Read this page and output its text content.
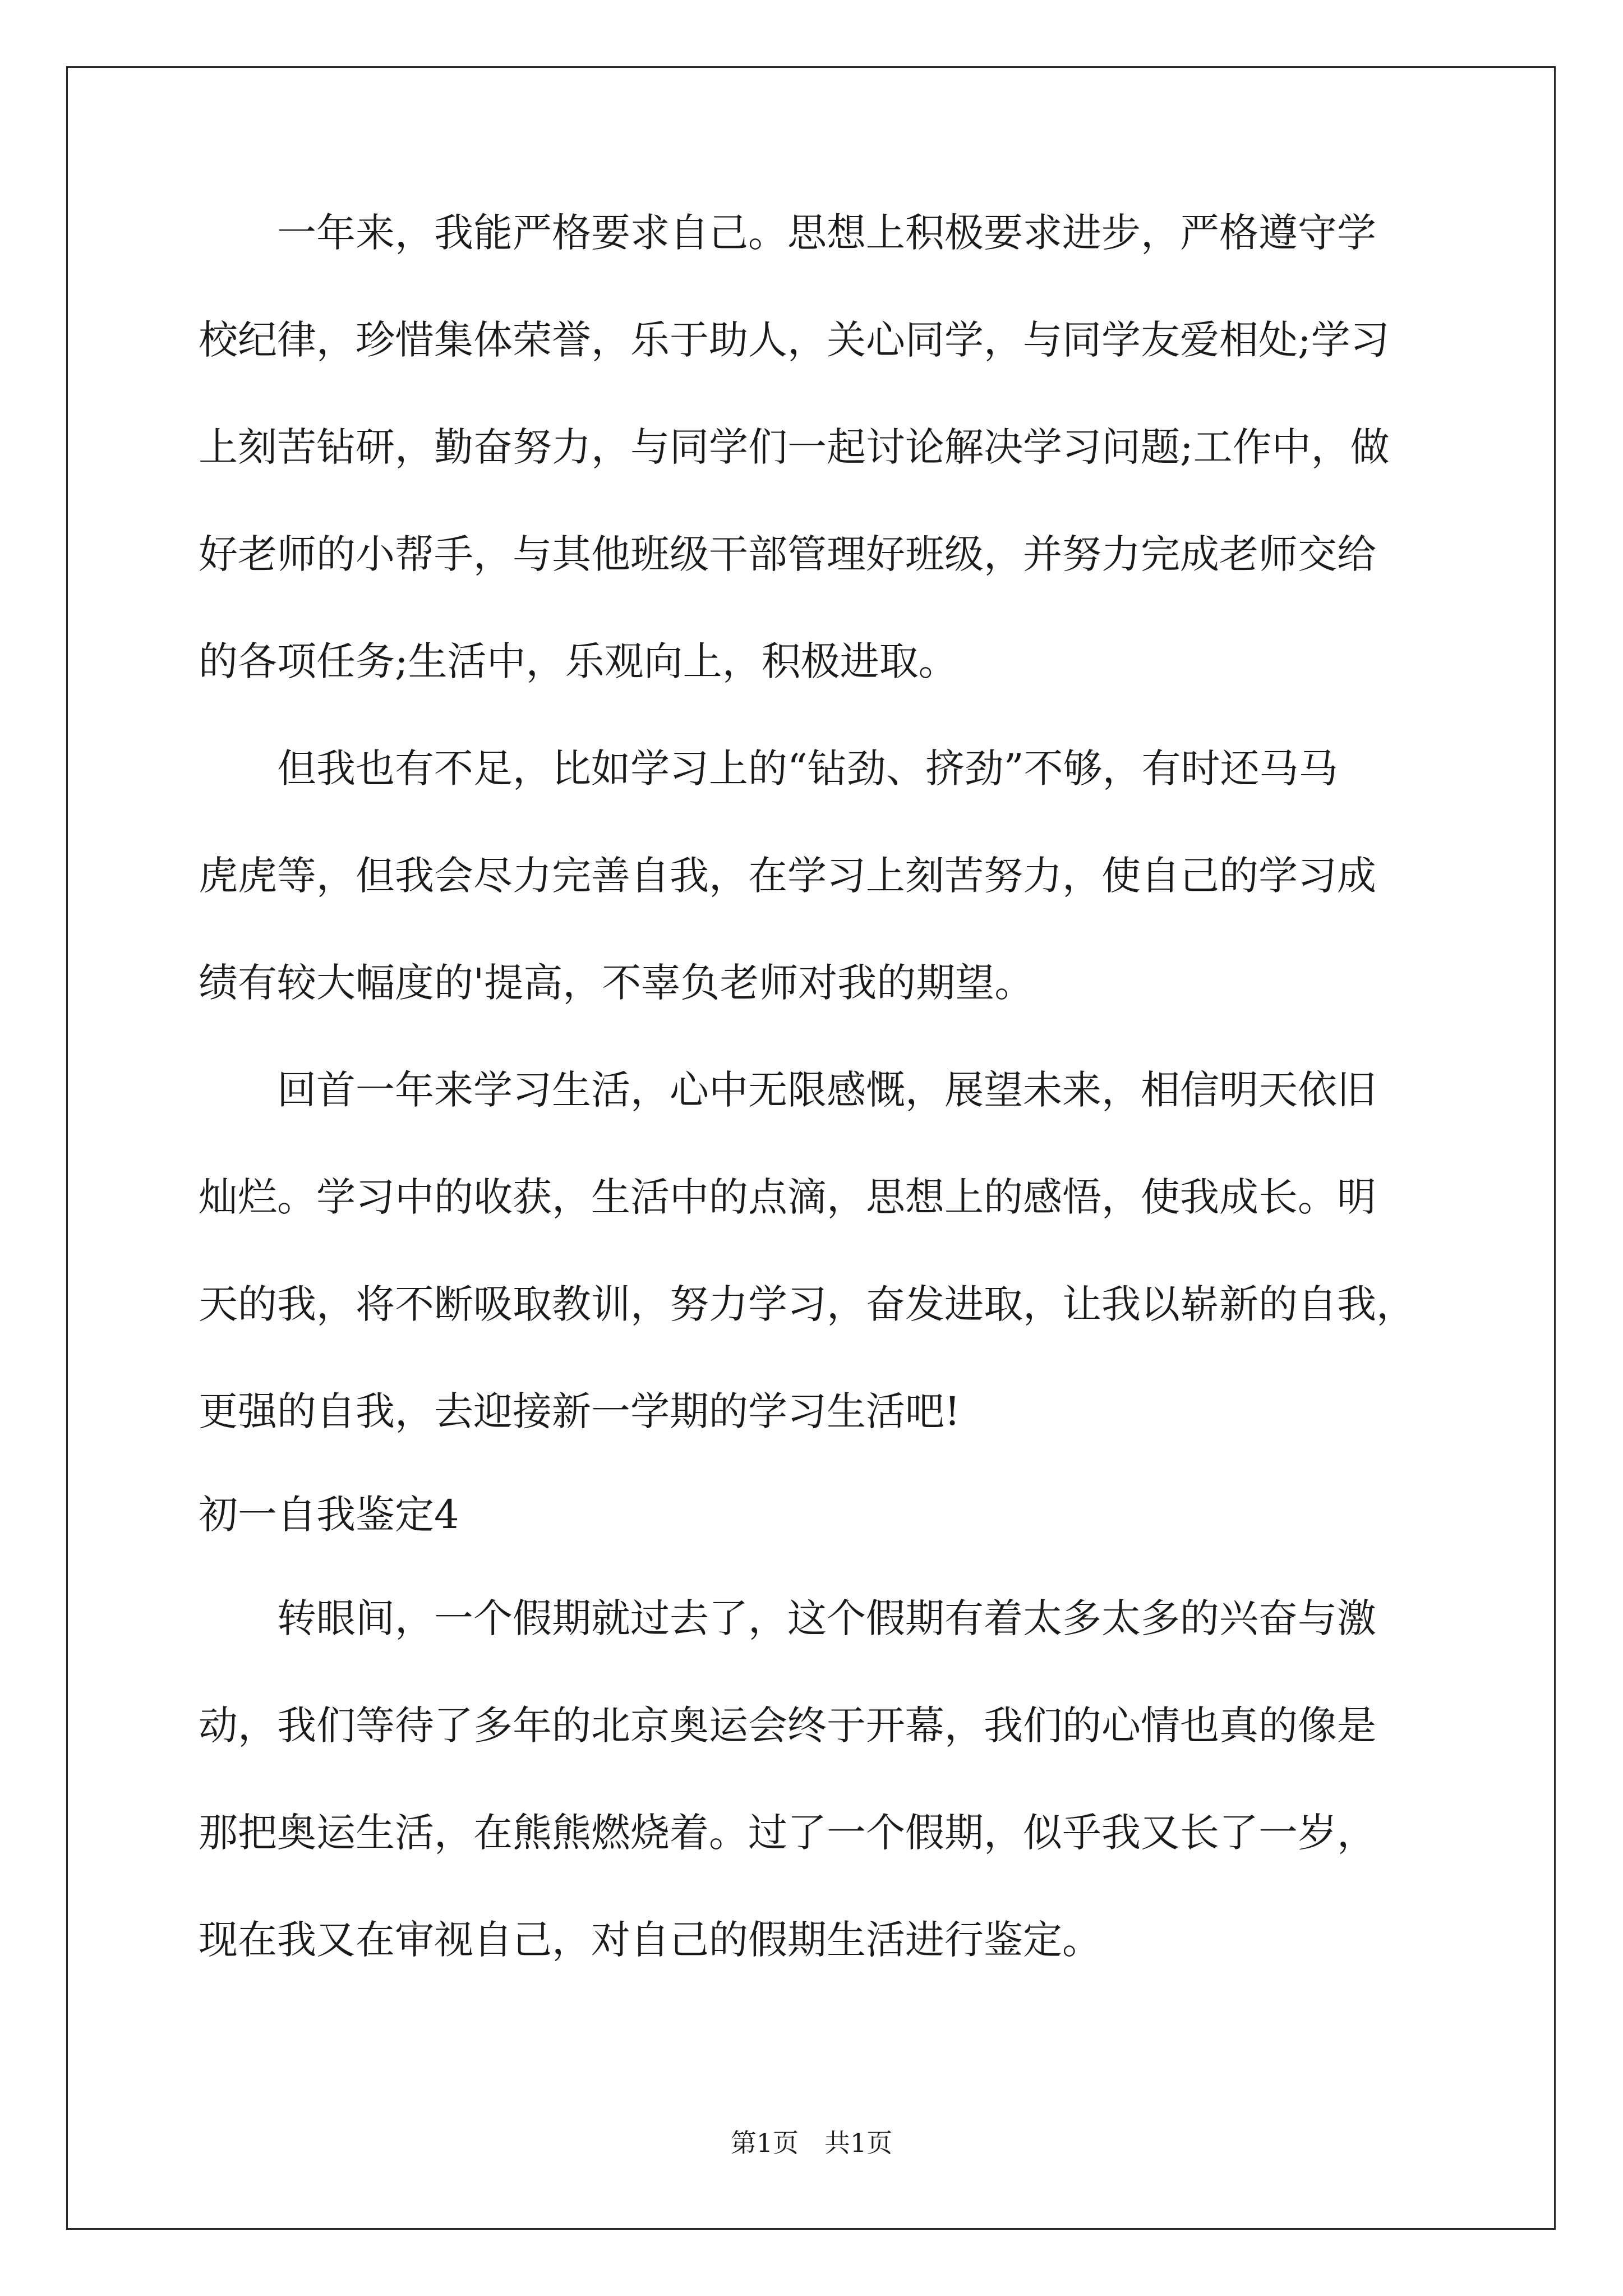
　　一年来，我能严格要求自己。思想上积极要求进步，严格遵守学
校纪律，珍惜集体荣誉，乐于助人，关心同学，与同学友爱相处;学习
上刻苦钻研，勤奋努力，与同学们一起讨论解决学习问题;工作中，做
好老师的小帮手，与其他班级干部管理好班级，并努力完成老师交给
的各项任务;生活中，乐观向上，积极进取。
　　但我也有不足，比如学习上的“钻劲、挤劲”不够，有时还马马
虎虎等，但我会尽力完善自我，在学习上刻苦努力，使自己的学习成
绩有较大幅度的'提高，不辜负老师对我的期望。
　　回首一年来学习生活，心中无限感慨，展望未来，相信明天依旧
灿烂。学习中的收获，生活中的点滴，思想上的感悟，使我成长。明
天的我，将不断吸取教训，努力学习，奋发进取，让我以崭新的自我，
更强的自我，去迎接新一学期的学习生活吧!
初一自我鉴定4
　　转眼间，一个假期就过去了，这个假期有着太多太多的兴奋与激
动，我们等待了多年的北京奥运会终于开幕，我们的心情也真的像是
那把奥运生活，在熊熊燃烧着。过了一个假期，似乎我又长了一岁，
现在我又在审视自己，对自己的假期生活进行鉴定。
第1页　共1页
